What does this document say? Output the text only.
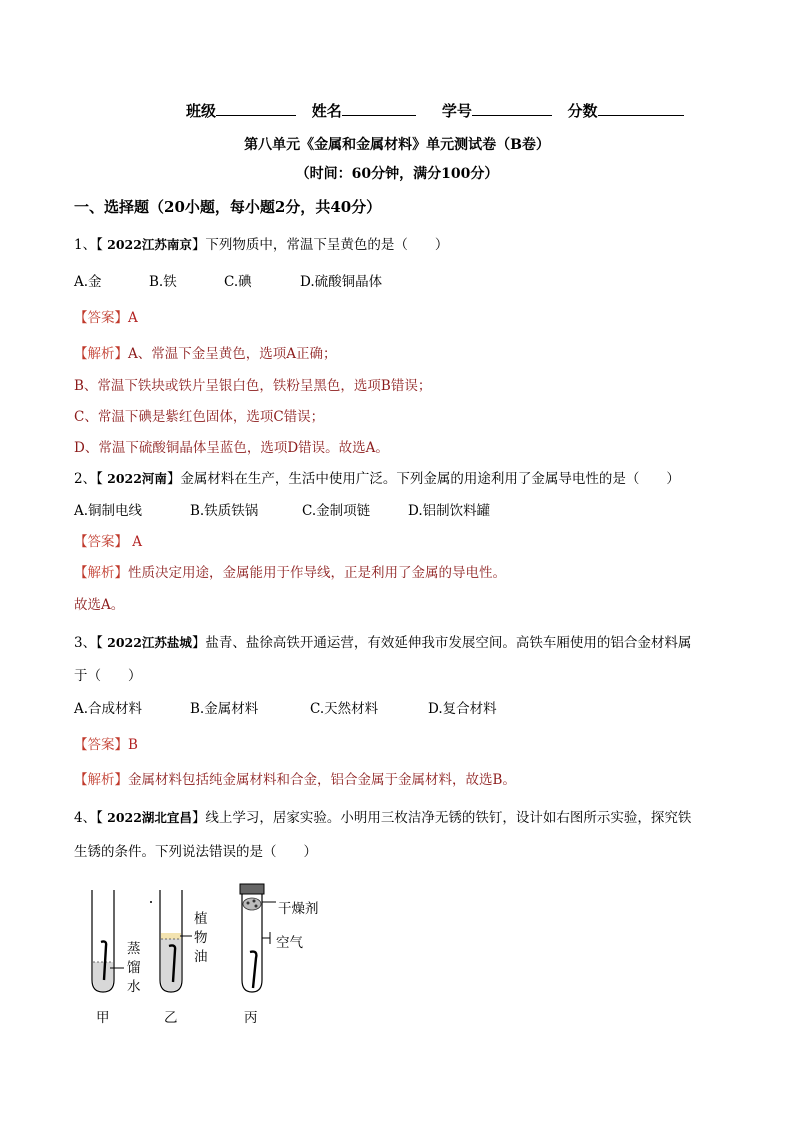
班级	姓名	学号	分数
第八单元《金属和金属材料》单元测试卷（B卷）
（时间：60分钟，满分100分）
一、选择题（20小题，每小题2分，共40分）
1、【 2022江苏南京】下列物质中，常温下呈黄色的是（　　）
A.金	B.铁	C.碘	D.硫酸铜晶体
【答案】A
【解析】A、常温下金呈黄色，选项A正确；
B、常温下铁块或铁片呈银白色，铁粉呈黑色，选项B错误；
C、常温下碘是紫红色固体，选项C错误；
D、常温下硫酸铜晶体呈蓝色，选项D错误。故选A。
2、【 2022河南】金属材料在生产，生活中使用广泛。下列金属的用途利用了金属导电性的是（　　）
A.铜制电线	B.铁质铁锅	C.金制项链	D.铝制饮料罐
【答案】 A
【解析】性质决定用途，金属能用于作导线，正是利用了金属的导电性。
故选A。
3、【 2022江苏盐城】盐青、盐徐高铁开通运营，有效延伸我市发展空间。高铁车厢使用的铝合金材料属
于（　　）
A.合成材料	B.金属材料	C.天然材料	D.复合材料
【答案】B
【解析】金属材料包括纯金属材料和合金，铝合金属于金属材料，故选B。
4、【 2022湖北宜昌】线上学习，居家实验。小明用三枚洁净无锈的铁钉，设计如右图所示实验，探究铁
生锈的条件。下列说法错误的是（　　）
蒸
馏
水
植
物
油
干燥剂
空气
甲	乙	丙
